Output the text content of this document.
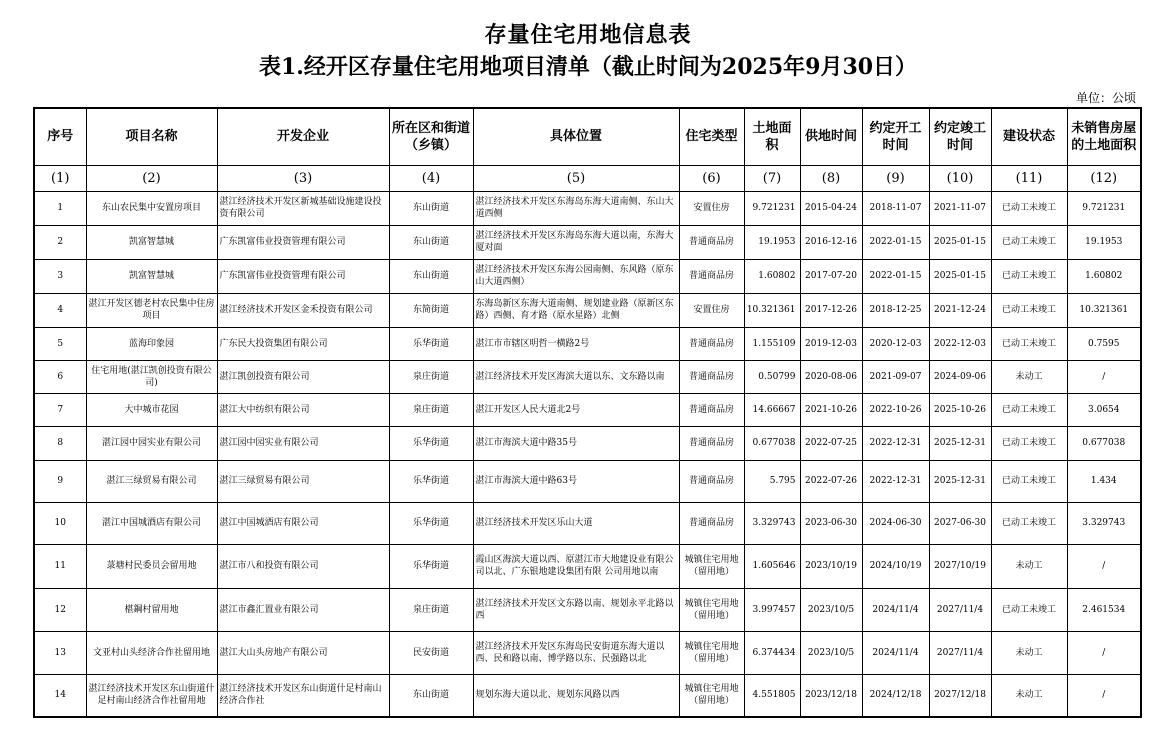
存量住宅用地信息表
表1.经开区存量住宅用地项目清单（截止时间为2025年9月30日）
单位：公顷
序号	项目名称	开发企业	所在区和街道（乡镇）	具体位置	住宅类型	土地面积	供地时间	约定开工时间	约定竣工时间	建设状态	未销售房屋的土地面积
(1)	(2)	(3)	(4)	(5)	(6)	(7)	(8)	(9)	(10)	(11)	(12)
1	东山农民集中安置房项目	湛江经济技术开发区新城基础设施建设投资有限公司	东山街道	湛江经济技术开发区东海岛东海大道南侧、东山大道西侧	安置住房	9.721231	2015-04-24	2018-11-07	2021-11-07	已动工未竣工	9.721231
2	凯富智慧城	广东凯富伟业投资管理有限公司	东山街道	湛江经济技术开发区东海岛东海大道以南，东海大厦对面	普通商品房	19.1953	2016-12-16	2022-01-15	2025-01-15	已动工未竣工	19.1953
3	凯富智慧城	广东凯富伟业投资管理有限公司	东山街道	湛江经济技术开发区东海公园南侧、东风路（原东山大道西侧）	普通商品房	1.60802	2017-07-20	2022-01-15	2025-01-15	已动工未竣工	1.60802
4	湛江开发区德老村农民集中住房项目	湛江经济技术开发区金禾投资有限公司	东简街道	东海岛新区东海大道南侧、规划建业路（原新区东路）西侧、育才路（原水星路）北侧	安置住房	10.321361	2017-12-26	2018-12-25	2021-12-24	已动工未竣工	10.321361
5	蓝海印象园	广东民大投资集团有限公司	乐华街道	湛江市市辖区明哲一横路2号	普通商品房	1.155109	2019-12-03	2020-12-03	2022-12-03	已动工未竣工	0.7595
6	住宅用地(湛江凯创投资有限公司)	湛江凯创投资有限公司	泉庄街道	湛江经济技术开发区海滨大道以东、文东路以南	普通商品房	0.50799	2020-08-06	2021-09-07	2024-09-06	未动工	/
7	大中城市花园	湛江大中纺织有限公司	泉庄街道	湛江开发区人民大道北2号	普通商品房	14.66667	2021-10-26	2022-10-26	2025-10-26	已动工未竣工	3.0654
8	湛江园中园实业有限公司	湛江园中园实业有限公司	乐华街道	湛江市海滨大道中路35号	普通商品房	0.677038	2022-07-25	2022-12-31	2025-12-31	已动工未竣工	0.677038
9	湛江三绿贸易有限公司	湛江三绿贸易有限公司	乐华街道	湛江市海滨大道中路63号	普通商品房	5.795	2022-07-26	2022-12-31	2025-12-31	已动工未竣工	1.434
10	湛江中国城酒店有限公司	湛江中国城酒店有限公司	乐华街道	湛江经济技术开发区乐山大道	普通商品房	3.329743	2023-06-30	2024-06-30	2027-06-30	已动工未竣工	3.329743
11	菉塘村民委员会留用地	湛江市八和投资有限公司	乐华街道	霞山区海滨大道以西、原湛江市大地建设业有限公司以北、广东银地建设集团有限 公司用地以南	城镇住宅用地（留用地）	1.605646	2023/10/19	2024/10/19	2027/10/19	未动工	/
12	椹鋼村留用地	湛江市鑫汇置业有限公司	泉庄街道	湛江经济技术开发区文东路以南、规划永平北路以西	城镇住宅用地（留用地）	3.997457	2023/10/5	2024/11/4	2027/11/4	已动工未竣工	2.461534
13	文亚村山头经济合作社留用地	湛江大山头房地产有限公司	民安街道	湛江经济技术开发区东海岛民安街道东海大道以西、民和路以南、博学路以东、民强路以北	城镇住宅用地（留用地）	6.374434	2023/10/5	2024/11/4	2027/11/4	未动工	/
14	湛江经济技术开发区东山街道什足村南山经济合作社留用地	湛江经济技术开发区东山街道什足村南山经济合作社	东山街道	规划东海大道以北、规划东风路以西	城镇住宅用地（留用地）	4.551805	2023/12/18	2024/12/18	2027/12/18	未动工	/
